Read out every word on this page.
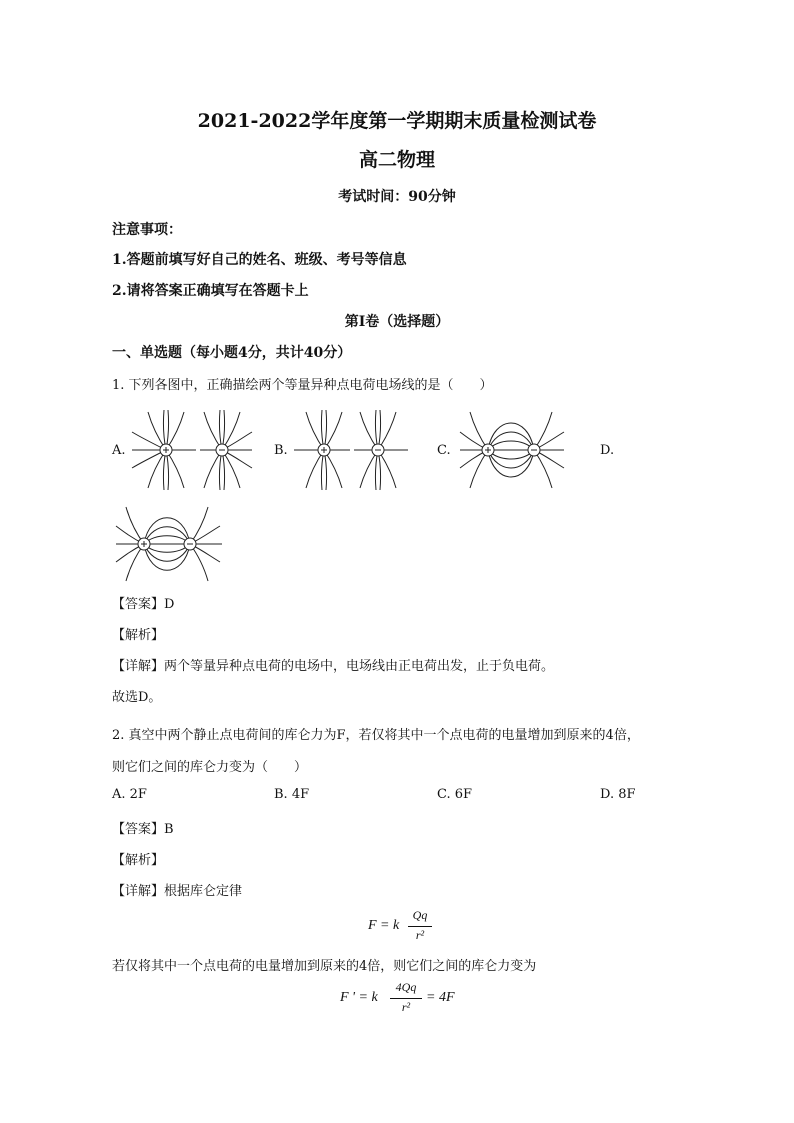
2021-2022学年度第一学期期末质量检测试卷
高二物理
考试时间：90分钟
注意事项：
1.答题前填写好自己的姓名、班级、考号等信息
2.请将答案正确填写在答题卡上
第I卷（选择题）
一、单选题（每小题4分，共计40分）
1. 下列各图中，正确描绘两个等量异种点电荷电场线的是（　　）
A.	B.	C.	D.
【答案】D
【解析】
【详解】两个等量异种点电荷的电场中，电场线由正电荷出发，止于负电荷。
故选D。
2. 真空中两个静止点电荷间的库仑力为F，若仅将其中一个点电荷的电量增加到原来的4倍，
则它们之间的库仑力变为（　　）
A. 2F	B. 4F	C. 6F	D. 8F
【答案】B
【解析】
【详解】根据库仑定律
F = k
Qq
r²
若仅将其中一个点电荷的电量增加到原来的4倍，则它们之间的库仑力变为
F ' = k
4Qq
r²
= 4F
